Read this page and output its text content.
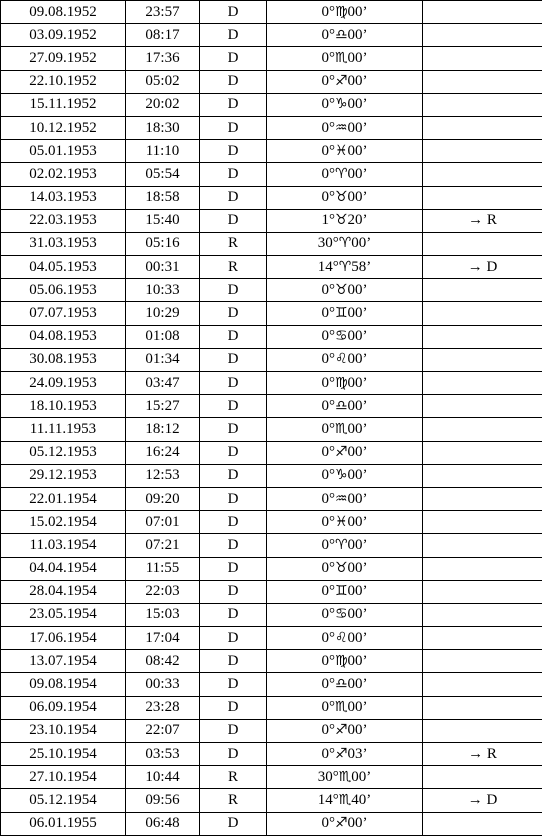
09.08.1952	23:57	D	0°♍00’	
03.09.1952	08:17	D	0°♎00’	
27.09.1952	17:36	D	0°♏00’	
22.10.1952	05:02	D	0°♐00’	
15.11.1952	20:02	D	0°♑00’	
10.12.1952	18:30	D	0°♒00’	
05.01.1953	11:10	D	0°♓00’	
02.02.1953	05:54	D	0°♈00’	
14.03.1953	18:58	D	0°♉00’	
22.03.1953	15:40	D	1°♉20’	→ R
31.03.1953	05:16	R	30°♈00’	
04.05.1953	00:31	R	14°♈58’	→ D
05.06.1953	10:33	D	0°♉00’	
07.07.1953	10:29	D	0°♊00’	
04.08.1953	01:08	D	0°♋00’	
30.08.1953	01:34	D	0°♌00’	
24.09.1953	03:47	D	0°♍00’	
18.10.1953	15:27	D	0°♎00’	
11.11.1953	18:12	D	0°♏00’	
05.12.1953	16:24	D	0°♐00’	
29.12.1953	12:53	D	0°♑00’	
22.01.1954	09:20	D	0°♒00’	
15.02.1954	07:01	D	0°♓00’	
11.03.1954	07:21	D	0°♈00’	
04.04.1954	11:55	D	0°♉00’	
28.04.1954	22:03	D	0°♊00’	
23.05.1954	15:03	D	0°♋00’	
17.06.1954	17:04	D	0°♌00’	
13.07.1954	08:42	D	0°♍00’	
09.08.1954	00:33	D	0°♎00’	
06.09.1954	23:28	D	0°♏00’	
23.10.1954	22:07	D	0°♐00’	
25.10.1954	03:53	D	0°♐03’	→ R
27.10.1954	10:44	R	30°♏00’	
05.12.1954	09:56	R	14°♏40’	→ D
06.01.1955	06:48	D	0°♐00’	
